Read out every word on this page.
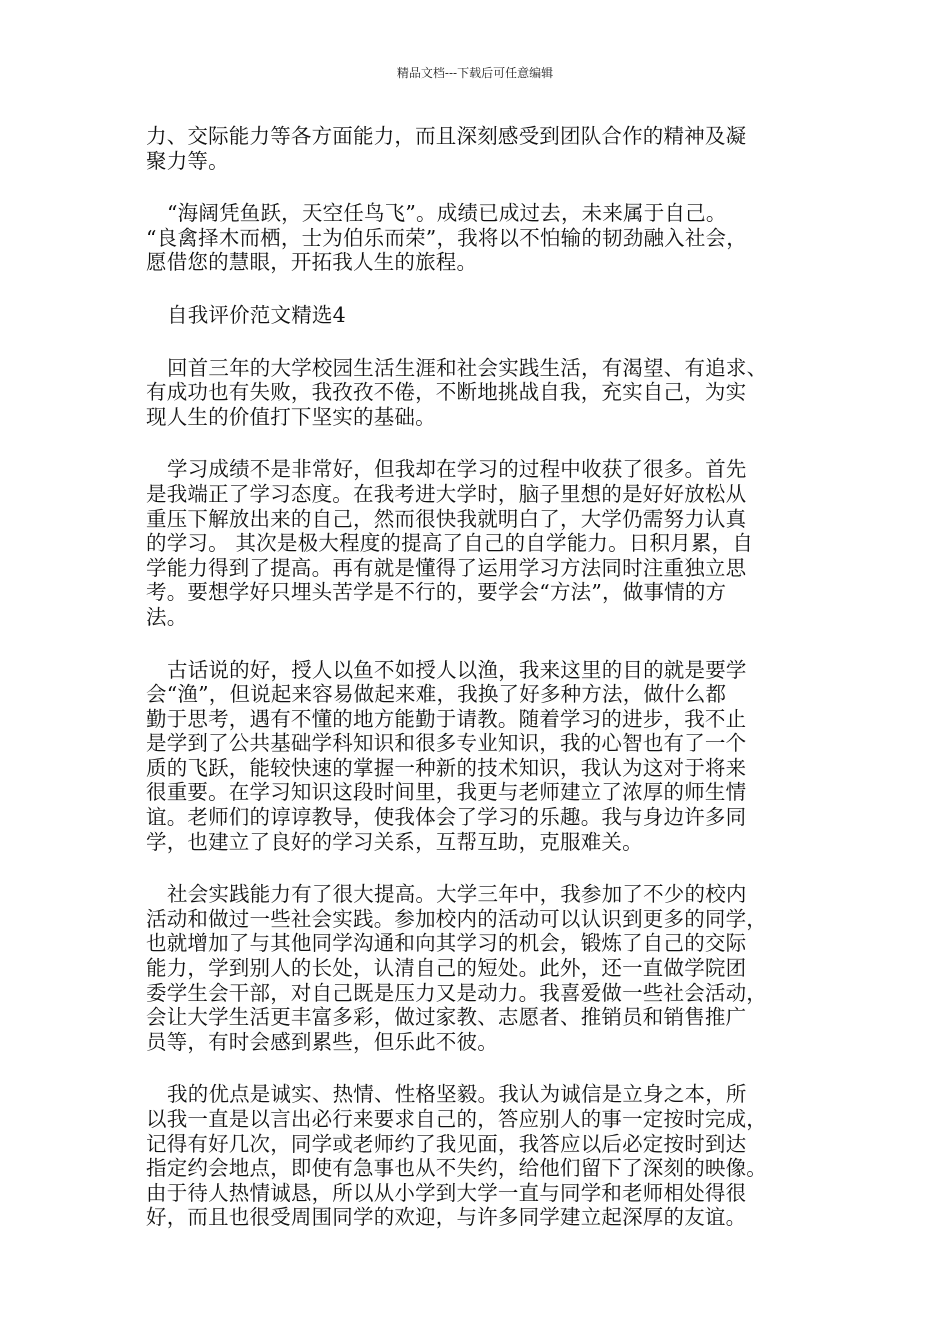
精品文档---下载后可任意编辑

力、交际能力等各方面能力，而且深刻感受到团队合作的精神及凝
聚力等。

“海阔凭鱼跃，天空任鸟飞”。成绩已成过去，未来属于自己。
“良禽择木而栖，士为伯乐而荣”，我将以不怕输的韧劲融入社会，
愿借您的慧眼，开拓我人生的旅程。

自我评价范文精选4

回首三年的大学校园生活生涯和社会实践生活，有渴望、有追求、
有成功也有失败，我孜孜不倦，不断地挑战自我，充实自己，为实
现人生的价值打下坚实的基础。

学习成绩不是非常好，但我却在学习的过程中收获了很多。首先
是我端正了学习态度。在我考进大学时，脑子里想的是好好放松从
重压下解放出来的自己，然而很快我就明白了，大学仍需努力认真
的学习。 其次是极大程度的提高了自己的自学能力。日积月累，自
学能力得到了提高。再有就是懂得了运用学习方法同时注重独立思
考。要想学好只埋头苦学是不行的，要学会“方法”，做事情的方
法。

古话说的好，授人以鱼不如授人以渔，我来这里的目的就是要学
会“渔”，但说起来容易做起来难，我换了好多种方法，做什么都
勤于思考，遇有不懂的地方能勤于请教。随着学习的进步，我不止
是学到了公共基础学科知识和很多专业知识，我的心智也有了一个
质的飞跃，能较快速的掌握一种新的技术知识，我认为这对于将来
很重要。在学习知识这段时间里，我更与老师建立了浓厚的师生情
谊。老师们的谆谆教导，使我体会了学习的乐趣。我与身边许多同
学，也建立了良好的学习关系，互帮互助，克服难关。

社会实践能力有了很大提高。大学三年中，我参加了不少的校内
活动和做过一些社会实践。参加校内的活动可以认识到更多的同学，
也就增加了与其他同学沟通和向其学习的机会，锻炼了自己的交际
能力，学到别人的长处，认清自己的短处。此外，还一直做学院团
委学生会干部，对自己既是压力又是动力。我喜爱做一些社会活动，
会让大学生活更丰富多彩，做过家教、志愿者、推销员和销售推广
员等，有时会感到累些，但乐此不彼。

我的优点是诚实、热情、性格坚毅。我认为诚信是立身之本，所
以我一直是以言出必行来要求自己的，答应别人的事一定按时完成，
记得有好几次，同学或老师约了我见面，我答应以后必定按时到达
指定约会地点，即使有急事也从不失约，给他们留下了深刻的映像。
由于待人热情诚恳，所以从小学到大学一直与同学和老师相处得很
好，而且也很受周围同学的欢迎，与许多同学建立起深厚的友谊。
